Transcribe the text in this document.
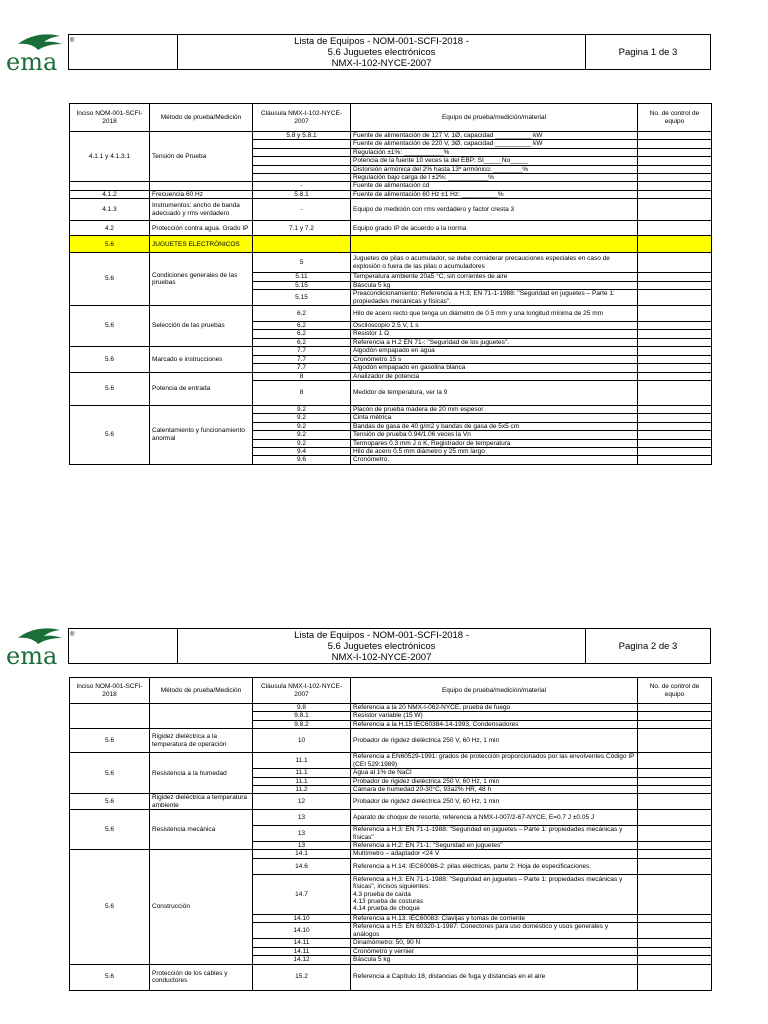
ema
®	Lista de Equipos - NOM-001-SCFI-2018 -
5.6 Juguetes electrónicos
NMX-I-102-NYCE-2007
	Pagina 1 de 3
Inciso NOM-001-SCFI-2018	Método de prueba/Medición	Cláusula NMX-I-102-NYCE-2007	Equipo de prueba/medición/material	No. de control de equipo
4.1.1 y 4.1.3.1	Tensión de Prueba	5.8 y 5.8.1	Fuente de alimentación de 127 V, 1Ø, capacidad __________ kW	
			Fuente de alimentación de 220 V, 3Ø, capacidad __________ kW	
			Regulación ±1%: ___________%	
			Potencia de la fuente 10 veces la del EBP: SI_____No_____	
			Distorsión armónica del 2% hasta 13º armónico: ________%	
			Regulación bajo carga de l ±2%: ___________%	
		-	Fuente de alimentación cd	
4.1.2	Frecuencia 60 Hz	5.8.1	Fuente de alimentación 60 Hz ±1 Hz: __________%	
4.1.3	Instrumentos: ancho de banda adecuado y rms verdadero	-	Equipo de medición con rms verdadero y factor cresta 3	
4.2	Protección contra agua. Grado IP	7.1 y 7.2	Equipo grado IP de acuerdo a la norma	
5.6	JUGUETES ELECTRÓNICOS			
5.6	Condiciones generales de las pruebas	5	Juguetes de pilas o acumulador, se debe considerar precauciones especiales en caso de explosión o fuera de las pilas o acumuladores	
		5.11	Temperatura ambiente 20a5 °C, sin corrientes de aire	
		5.15	Báscula 5 kg	
		5.15	Preacondicionamiento: Referencia a H.3, EN 71-1-1988: "Seguridad en juguetes – Parte 1: propiedades mecánicas y físicas".	
5.6	Selección de las pruebas	6.2	Hilo de acero recto que tenga un diámetro de 0.5 mm y una longitud mínima de 25 mm	
		6.2	Osciloscopio 2.5 V, 1 s	
		6.2	Resistor 1 Ω	
		6.2	Referencia a H.2 EN 71-: "Seguridad de los juguetes".	
5.6	Marcado e instrucciones	7.7	Algodón empapado en agua	
		7.7	Cronómetro 15 s	
		7.7	Algodón empapado en gasolina blanca	
5.6	Potencia de entrada	8	Analizador de potencia	
		8	Medidor de temperatura, ver la 9	
5.6	Calentamiento y funcionamiento anormal	9.2	Placón de prueba madera de 20 mm espesor	
		9.2	Cinta métrica	
		9.2	Bandas de gasa de 40 g/m2 y bandas de gasa de 5x5 cm	
		9.2	Tensión de prueba 0.94/1.06 veces la Vn	
		9.2	Termopares 0.3 mm J o K, Registrador de temperatura	
		9.4	Hilo de acero 0.5 mm diámetro y 25 mm largo	
		9.6	Cronómetro.	
ema
®	Lista de Equipos - NOM-001-SCFI-2018 -
5.6 Juguetes electrónicos
NMX-I-102-NYCE-2007
	Pagina 2 de 3
Inciso NOM-001-SCFI-2018	Método de prueba/Medición	Cláusula NMX-I-102-NYCE-2007	Equipo de prueba/medición/material	No. de control de equipo
		9.8	Referencia a la 20 NMX-I-062-NYCE, prueba de fuego	
		9.8.1	Resistor variable (15 W)	
		9.8.2	Referencia a la H.15 IEC60384-14-1993, Condensadores	
5.6	Rigidez dieléctrica a la temperatura de operación	10	Probador de rigidez dieléctrica 250 V, 60 Hz, 1 min	
5.6	Resistencia a la humedad	11.1	Referencia a EN60529-1991: grados de protección proporcionados por las envolventes Código IP (CEI 529:1989)	
		11.1	Agua al 1% de NaCl	
		11.1	Probador de rigidez dieléctrica 250 V, 60 Hz, 1 min	
		11.2	Cámara de humedad 20-30°C, 93a2% HR, 48 h	
5.6	Rigidez dieléctrica a temperatura ambiente	12	Probador de rigidez dieléctrica 250 V, 60 Hz, 1 min	
5.6	Resistencia mecánica	13	Aparato de choque de resorte, referencia a NMX-I-007/2-67-NYCE, E=0.7 J ±0.05 J	
		13	Referencia a H.3: EN 71-1-1988: "Seguridad en juguetes – Parte 1: propiedades mecánicas y físicas"	
		13	Referencia a H.2: EN 71-1: "Seguridad en juguetes"	
5.6	Construcción	14.1	Multímetro – adaptador <24 V	
		14.6	Referencia a H.14: IEC60086-2: pilas eléctricas, parte 2: Hoja de especificaciones.	
		14.7	Referencia a H.3: EN 71-1-1988: "Seguridad en juguetes – Parte 1: propiedades mecánicas y físicas", incisos siguientes:
4.3 prueba de caída
4.13 prueba de costuras
4.14 prueba de choque	
		14.10	Referencia a H.13: IEC60083: Clavijas y tomas de corriente	
		14.10	Referencia a H.5: EN 60320-1-1987: Conectores para uso doméstico y usos generales y análogos	
		14.11	Dinamómetro: 50, 90 N	
		14.11	Cronómetro y vernier	
		14.12	Báscula 5 kg	
5.6	Protección de los cables y conductores	15.2	Referencia a Capítulo 18, distancias de fuga y distancias en el aire	
